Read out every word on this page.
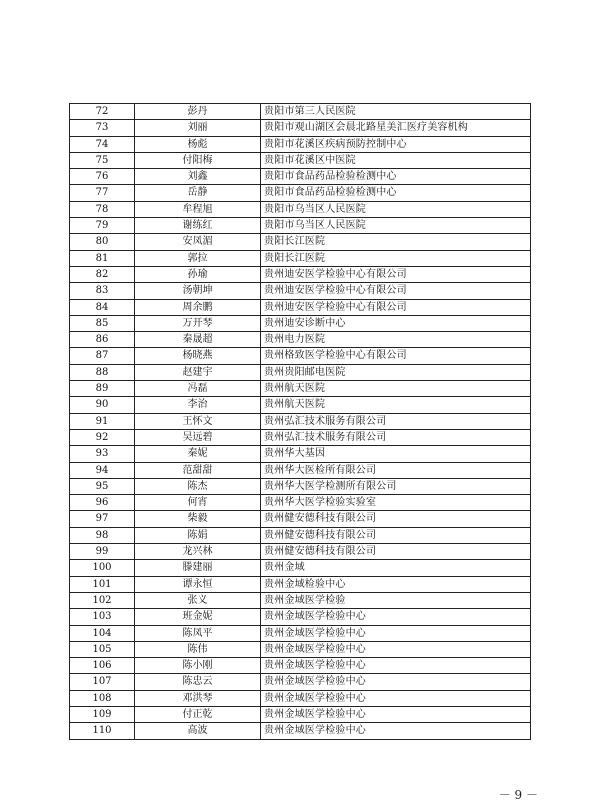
72	彭丹	贵阳市第三人民医院
73	刘丽	贵阳市观山湖区会晨北路星美汇医疗美容机构
74	杨彪	贵阳市花溪区疾病预防控制中心
75	付阳梅	贵阳市花溪区中医院
76	刘鑫	贵阳市食品药品检验检测中心
77	岳静	贵阳市食品药品检验检测中心
78	牟程旭	贵阳市乌当区人民医院
79	谢练红	贵阳市乌当区人民医院
80	安凤湄	贵阳长江医院
81	郭拉	贵阳长江医院
82	孙瑜	贵州迪安医学检验中心有限公司
83	汤朝坤	贵州迪安医学检验中心有限公司
84	周余鹏	贵州迪安医学检验中心有限公司
85	万开琴	贵州迪安诊断中心
86	秦晟超	贵州电力医院
87	杨晓燕	贵州格致医学检验中心有限公司
88	赵建宇	贵州贵阳邮电医院
89	冯磊	贵州航天医院
90	李治	贵州航天医院
91	王怀文	贵州弘汇技术服务有限公司
92	吴远碧	贵州弘汇技术服务有限公司
93	秦妮	贵州华大基因
94	范甜甜	贵州华大医检所有限公司
95	陈杰	贵州华大医学检测所有限公司
96	何宵	贵州华大医学检验实验室
97	柴毅	贵州健安德科技有限公司
98	陈娟	贵州健安德科技有限公司
99	龙兴林	贵州健安德科技有限公司
100	滕建丽	贵州金域
101	谭永恒	贵州金域检验中心
102	张义	贵州金域医学检验
103	班金妮	贵州金域医学检验中心
104	陈凤平	贵州金域医学检验中心
105	陈伟	贵州金域医学检验中心
106	陈小刚	贵州金域医学检验中心
107	陈忠云	贵州金域医学检验中心
108	邓洪琴	贵州金域医学检验中心
109	付正乾	贵州金域医学检验中心
110	高波	贵州金域医学检验中心
－ 9 －
